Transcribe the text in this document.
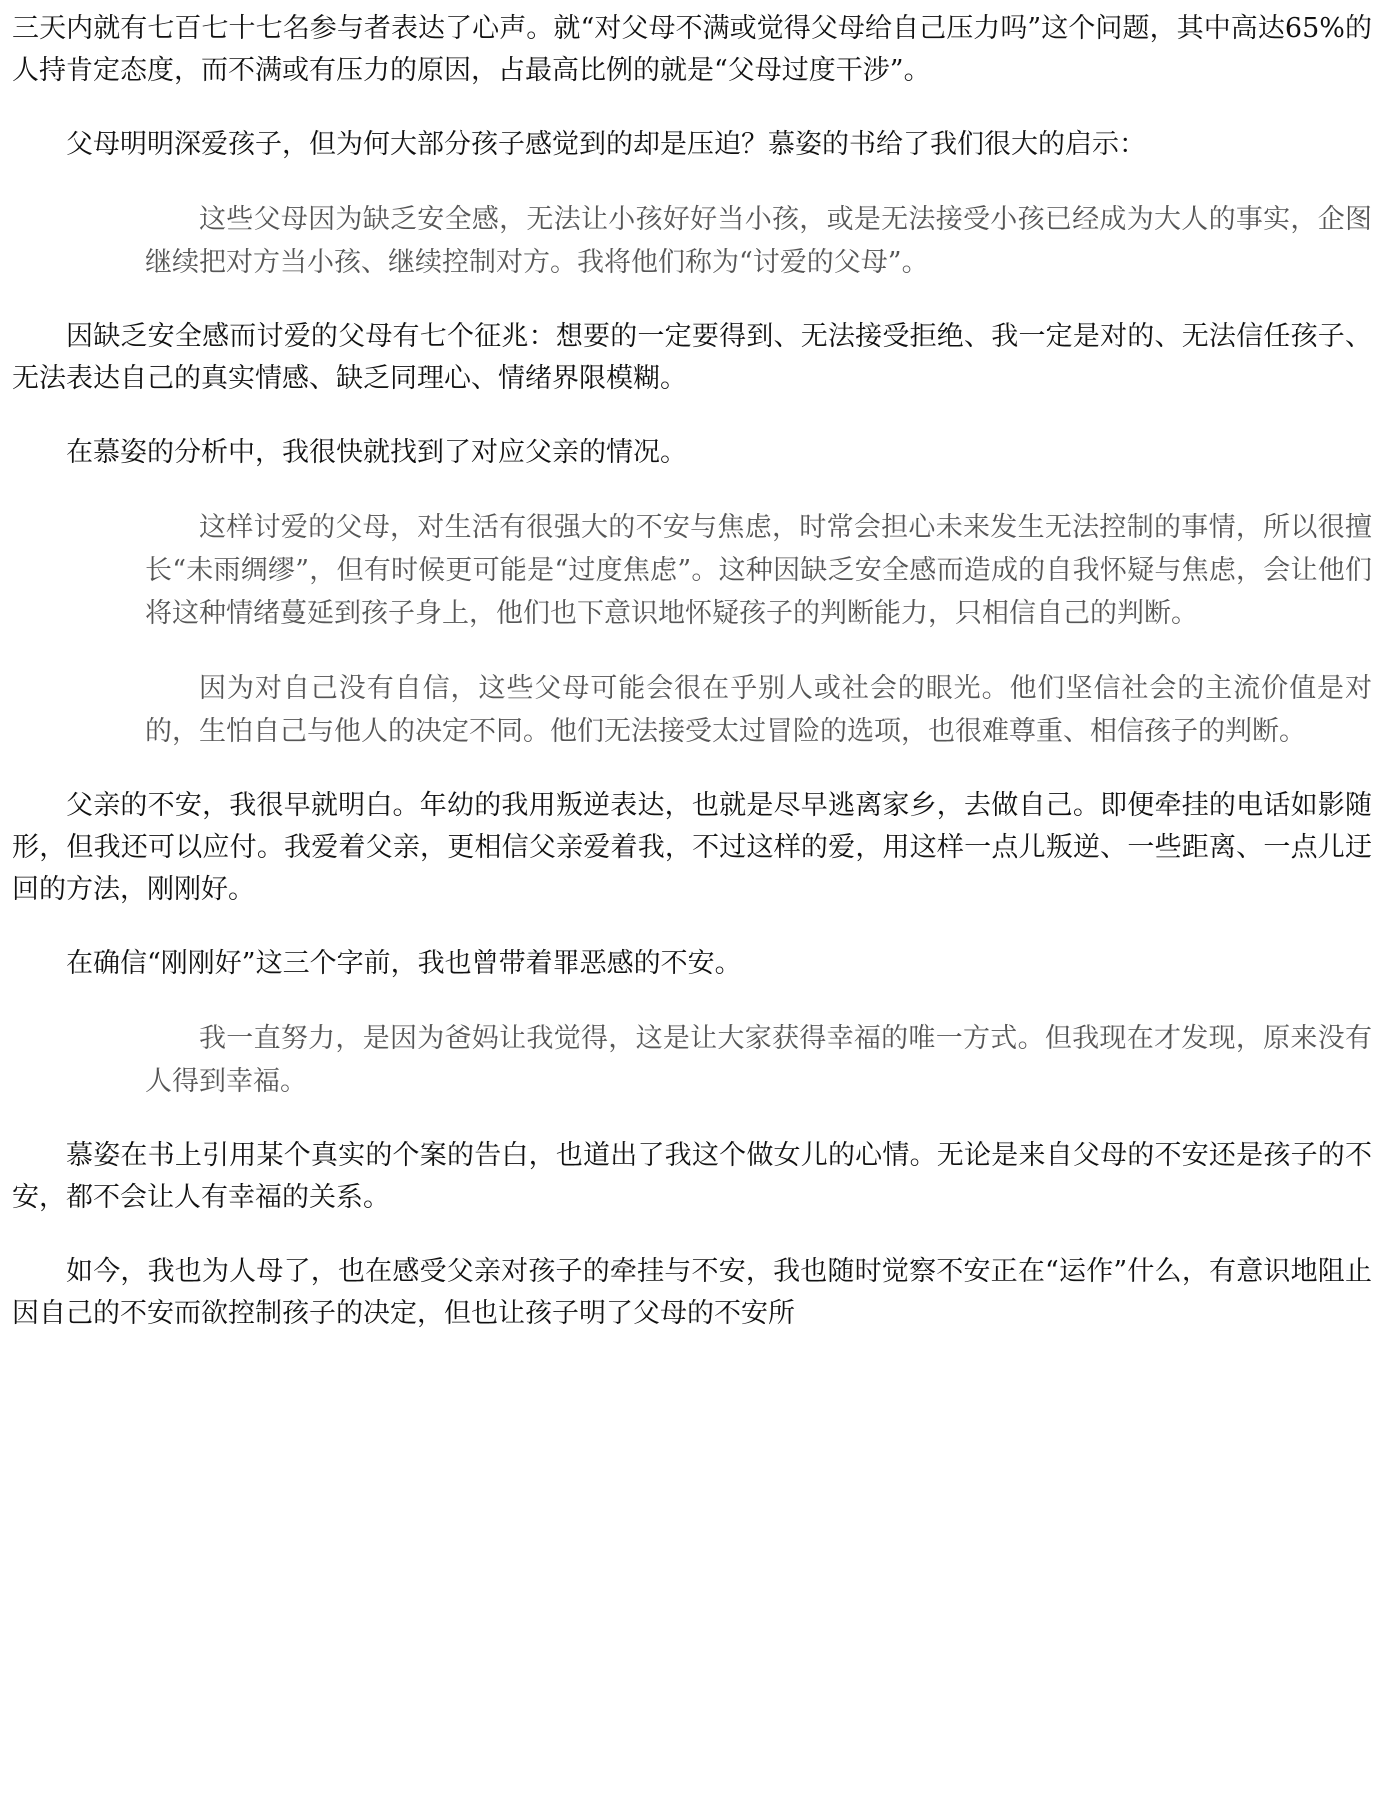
三天内就有七百七十七名参与者表达了心声。就“对父母不满或觉得父母给自己压力吗”这个问题，其中高达65%的人持肯定态度，而不满或有压力的原因，占最高比例的就是“父母过度干涉”。

父母明明深爱孩子，但为何大部分孩子感觉到的却是压迫？慕姿的书给了我们很大的启示：

这些父母因为缺乏安全感，无法让小孩好好当小孩，或是无法接受小孩已经成为大人的事实，企图继续把对方当小孩、继续控制对方。我将他们称为“讨爱的父母”。

因缺乏安全感而讨爱的父母有七个征兆：想要的一定要得到、无法接受拒绝、我一定是对的、无法信任孩子、无法表达自己的真实情感、缺乏同理心、情绪界限模糊。

在慕姿的分析中，我很快就找到了对应父亲的情况。

这样讨爱的父母，对生活有很强大的不安与焦虑，时常会担心未来发生无法控制的事情，所以很擅长“未雨绸缪”，但有时候更可能是“过度焦虑”。这种因缺乏安全感而造成的自我怀疑与焦虑，会让他们将这种情绪蔓延到孩子身上，他们也下意识地怀疑孩子的判断能力，只相信自己的判断。

因为对自己没有自信，这些父母可能会很在乎别人或社会的眼光。他们坚信社会的主流价值是对的，生怕自己与他人的决定不同。他们无法接受太过冒险的选项，也很难尊重、相信孩子的判断。

父亲的不安，我很早就明白。年幼的我用叛逆表达，也就是尽早逃离家乡，去做自己。即便牵挂的电话如影随形，但我还可以应付。我爱着父亲，更相信父亲爱着我，不过这样的爱，用这样一点儿叛逆、一些距离、一点儿迂回的方法，刚刚好。

在确信“刚刚好”这三个字前，我也曾带着罪恶感的不安。

我一直努力，是因为爸妈让我觉得，这是让大家获得幸福的唯一方式。但我现在才发现，原来没有人得到幸福。

慕姿在书上引用某个真实的个案的告白，也道出了我这个做女儿的心情。无论是来自父母的不安还是孩子的不安，都不会让人有幸福的关系。

如今，我也为人母了，也在感受父亲对孩子的牵挂与不安，我也随时觉察不安正在“运作”什么，有意识地阻止因自己的不安而欲控制孩子的决定，但也让孩子明了父母的不安所
